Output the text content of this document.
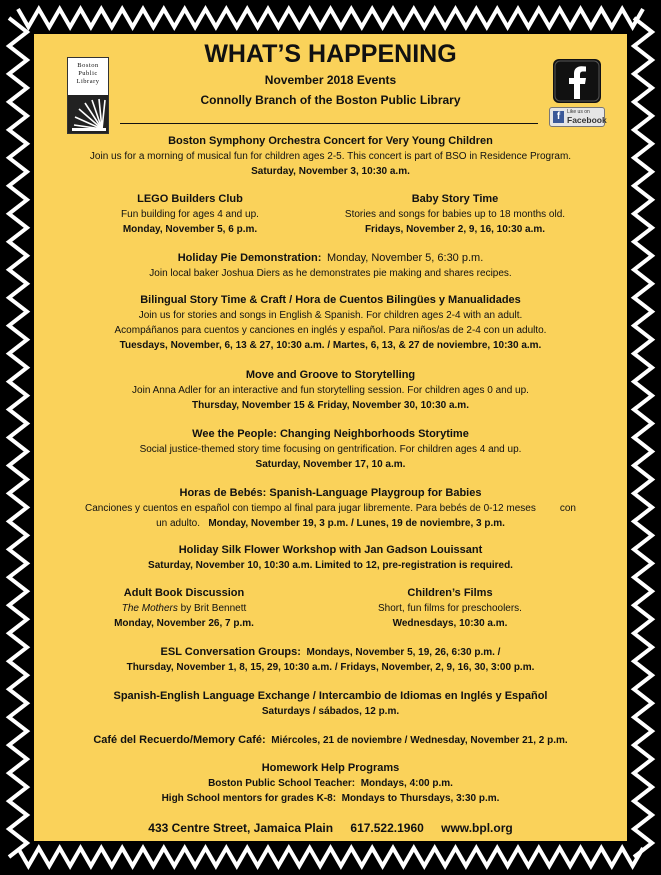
Boston
Public
Library
f	Like us on
Facebook
WHAT’S HAPPENING
November 2018 Events
Connolly Branch of the Boston Public Library
Boston Symphony Orchestra Concert for Very Young Children
Join us for a morning of musical fun for children ages 2-5. This concert is part of BSO in Residence Program.
Saturday, November 3, 10:30 a.m.
LEGO Builders Club
Fun building for ages 4 and up.
Monday, November 5, 6 p.m.
Baby Story Time
Stories and songs for babies up to 18 months old.
Fridays, November 2, 9, 16, 10:30 a.m.
Holiday Pie Demonstration: Monday, November 5, 6:30 p.m.
Join local baker Joshua Diers as he demonstrates pie making and shares recipes.
Bilingual Story Time & Craft / Hora de Cuentos Bilingües y Manualidades
Join us for stories and songs in English & Spanish. For children ages 2-4 with an adult.
Acompáñanos para cuentos y canciones en inglés y español. Para niños/as de 2-4 con un adulto.
Tuesdays, November, 6, 13 & 27, 10:30 a.m. / Martes, 6, 13, & 27 de noviembre, 10:30 a.m.
Move and Groove to Storytelling
Join Anna Adler for an interactive and fun storytelling session. For children ages 0 and up.
Thursday, November 15 & Friday, November 30, 10:30 a.m.
Wee the People: Changing Neighborhoods Storytime
Social justice-themed story time focusing on gentrification. For children ages 4 and up.
Saturday, November 17, 10 a.m.
Horas de Bebés: Spanish-Language Playgroup for Babies
Canciones y cuentos en español con tiempo al final para jugar libremente. Para bebés de 0-12 meses con
un adulto. Monday, November 19, 3 p.m. / Lunes, 19 de noviembre, 3 p.m.
Holiday Silk Flower Workshop with Jan Gadson Louissant
Saturday, November 10, 10:30 a.m. Limited to 12, pre-registration is required.
Adult Book Discussion
The Mothers by Brit Bennett
Monday, November 26, 7 p.m.
Children’s Films
Short, fun films for preschoolers.
Wednesdays, 10:30 a.m.
ESL Conversation Groups: Mondays, November 5, 19, 26, 6:30 p.m. /
Thursday, November 1, 8, 15, 29, 10:30 a.m. / Fridays, November, 2, 9, 16, 30, 3:00 p.m.
Spanish-English Language Exchange / Intercambio de Idiomas en Inglés y Español
Saturdays / sábados, 12 p.m.
Café del Recuerdo/Memory Café: Miércoles, 21 de noviembre / Wednesday, November 21, 2 p.m.
Homework Help Programs
Boston Public School Teacher: Mondays, 4:00 p.m.
High School mentors for grades K-8: Mondays to Thursdays, 3:30 p.m.
433 Centre Street, Jamaica Plain 617.522.1960 www.bpl.org
